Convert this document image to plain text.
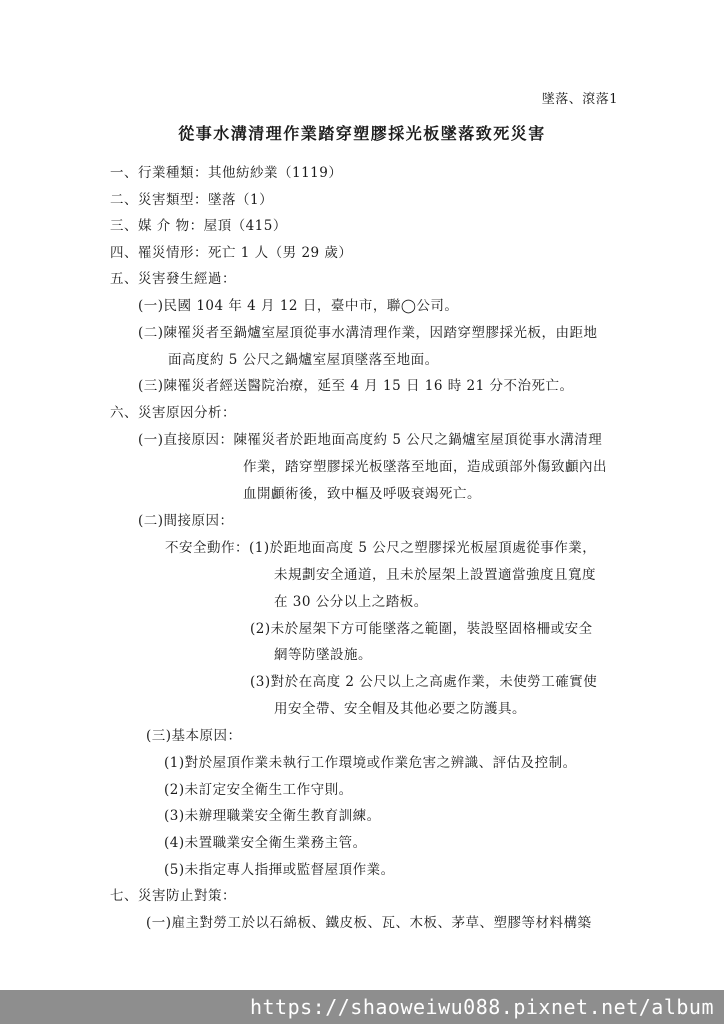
墜落、滾落1
從事水溝清理作業踏穿塑膠採光板墜落致死災害
一、行業種類：其他紡紗業（1119）
二、災害類型：墜落（1）
三、媒 介 物：屋頂（415）
四、罹災情形：死亡 1 人（男 29 歲）
五、災害發生經過：
(一)民國 104 年 4 月 12 日，臺中市，聯◯公司。
(二)陳罹災者至鍋爐室屋頂從事水溝清理作業，因踏穿塑膠採光板，由距地
面高度約 5 公尺之鍋爐室屋頂墜落至地面。
(三)陳罹災者經送醫院治療，延至 4 月 15 日 16 時 21 分不治死亡。
六、災害原因分析：
(一)直接原因：陳罹災者於距地面高度約 5 公尺之鍋爐室屋頂從事水溝清理
作業，踏穿塑膠採光板墜落至地面，造成頭部外傷致顱內出
血開顱術後，致中樞及呼吸衰竭死亡。
(二)間接原因：
不安全動作：(1)於距地面高度 5 公尺之塑膠採光板屋頂處從事作業，
未規劃安全通道，且未於屋架上設置適當強度且寬度
在 30 公分以上之踏板。
(2)未於屋架下方可能墜落之範圍，裝設堅固格柵或安全
網等防墜設施。
(3)對於在高度 2 公尺以上之高處作業，未使勞工確實使
用安全帶、安全帽及其他必要之防護具。
(三)基本原因：
(1)對於屋頂作業未執行工作環境或作業危害之辨識、評估及控制。
(2)未訂定安全衛生工作守則。
(3)未辦理職業安全衛生教育訓練。
(4)未置職業安全衛生業務主管。
(5)未指定專人指揮或監督屋頂作業。
七、災害防止對策：
(一)雇主對勞工於以石綿板、鐵皮板、瓦、木板、茅草、塑膠等材料構築
https://shaoweiwu088.pixnet.net/album
